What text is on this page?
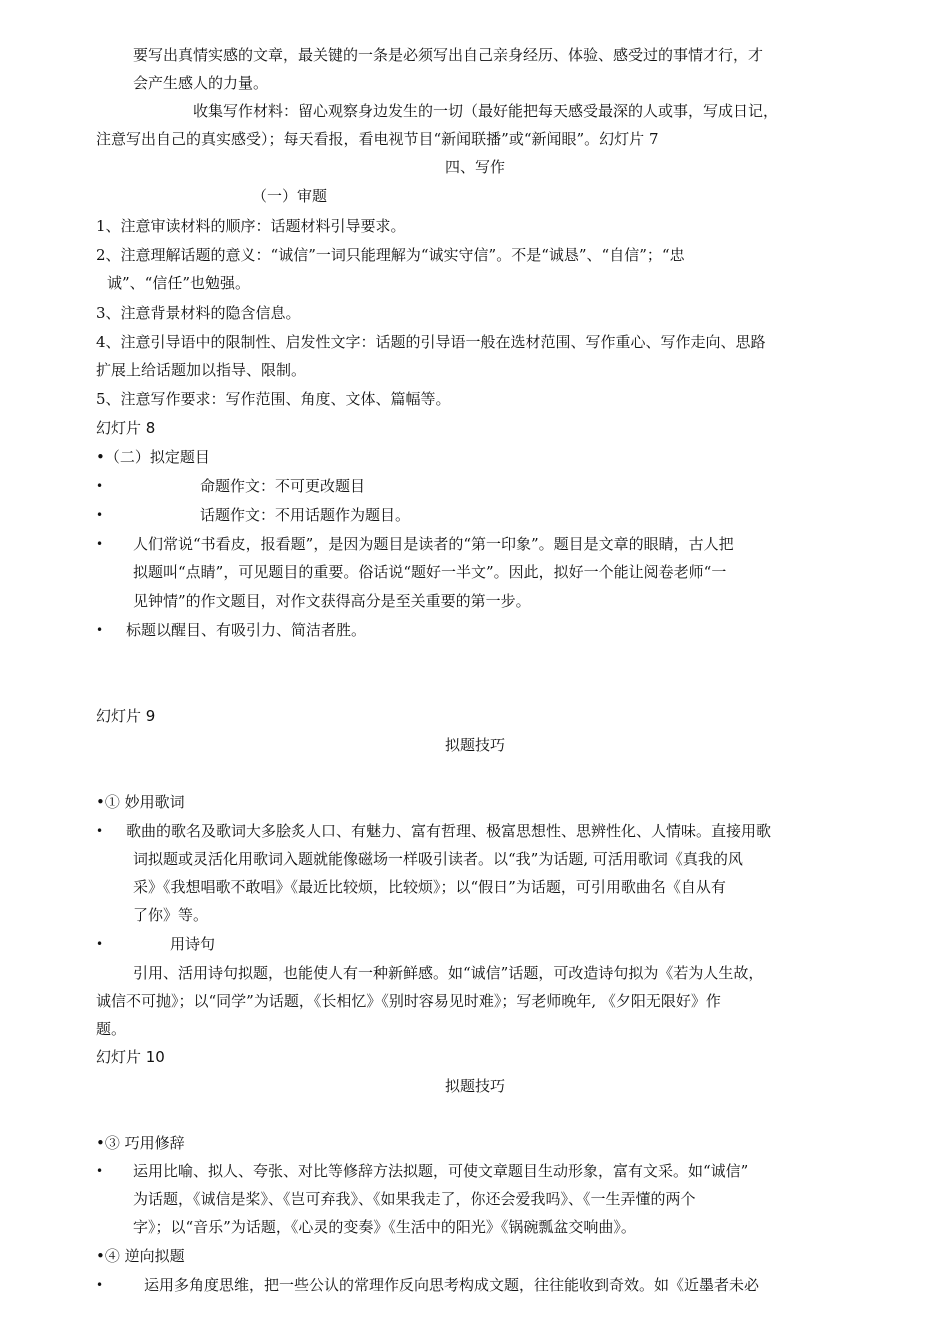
要写出真情实感的文章，最关键的一条是必须写出自己亲身经历、体验、感受过的事情才行，才
会产生感人的力量。
收集写作材料：留心观察身边发生的一切（最好能把每天感受最深的人或事，写成日记，
注意写出自己的真实感受）；每天看报，看电视节目“新闻联播”或“新闻眼”。幻灯片 7
四、写作
（一）审题
1、注意审读材料的顺序：话题材料引导要求。
2、注意理解话题的意义：“诚信”一词只能理解为“诚实守信”。不是“诚恳”、“自信”；“忠
诚”、“信任”也勉强。
3、注意背景材料的隐含信息。
4、注意引导语中的限制性、启发性文字：话题的引导语一般在选材范围、写作重心、写作走向、思路
扩展上给话题加以指导、限制。
5、注意写作要求：写作范围、角度、文体、篇幅等。
幻灯片 8
•（二）拟定题目
•	命题作文：不可更改题目
•	话题作文：不用话题作为题目。
• 人们常说“书看皮，报看题”，是因为题目是读者的“第一印象”。题目是文章的眼睛，古人把
拟题叫“点睛”，可见题目的重要。俗话说“题好一半文”。因此，拟好一个能让阅卷老师“一
见钟情”的作文题目，对作文获得高分是至关重要的第一步。
• 标题以醒目、有吸引力、简洁者胜。
幻灯片 9
拟题技巧
•① 妙用歌词
• 歌曲的歌名及歌词大多脍炙人口、有魅力、富有哲理、极富思想性、思辨性化、人情味。直接用歌
词拟题或灵活化用歌词入题就能像磁场一样吸引读者。以“我”为话题, 可活用歌词《真我的风
采》《我想唱歌不敢唱》《最近比较烦，比较烦》；以“假日”为话题，可引用歌曲名《自从有
了你》等。
•	用诗句
引用、活用诗句拟题，也能使人有一种新鲜感。如“诚信”话题，可改造诗句拟为《若为人生故，
诚信不可抛》；以“同学”为话题，《长相忆》《别时容易见时难》；写老师晚年, 《夕阳无限好》作
题。
幻灯片 10
拟题技巧
•③ 巧用修辞
• 运用比喻、拟人、夸张、对比等修辞方法拟题，可使文章题目生动形象，富有文采。如“诚信”
为话题，《诚信是桨》、《岂可弃我》、《如果我走了，你还会爱我吗》、《一生弄懂的两个
字》；以“音乐”为话题，《心灵的变奏》《生活中的阳光》《锅碗瓢盆交响曲》。
•④ 逆向拟题
•	运用多角度思维，把一些公认的常理作反向思考构成文题，往往能收到奇效。如《近墨者未必
